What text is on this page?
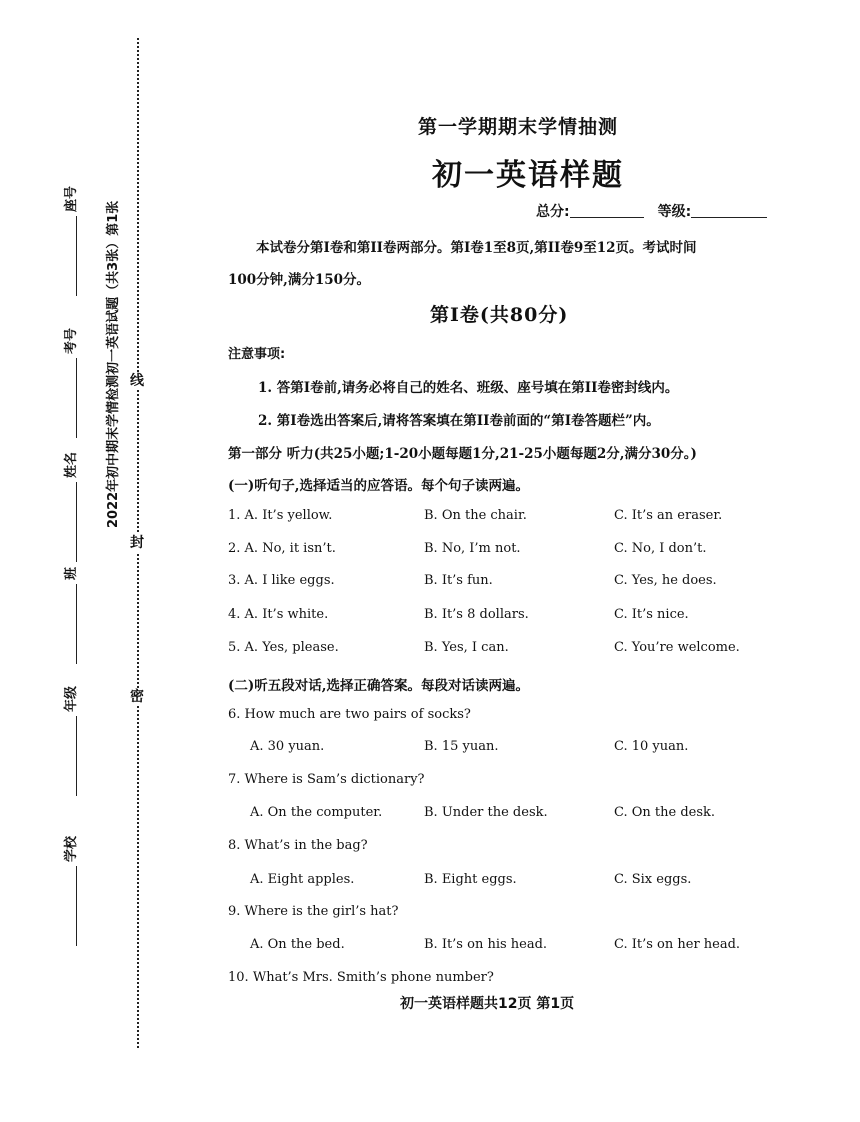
线
封
密
2022年初中期末学情检测初一英语试题（共3张）第1张
座号
考号
姓名
班
年级
学校
第一学期期末学情抽测
初一英语样题
总分:	等级:
本试卷分第I卷和第II卷两部分。第I卷1至8页,第II卷9至12页。考试时间
100分钟,满分150分。
第I卷(共80分)
注意事项:
1. 答第I卷前,请务必将自己的姓名、班级、座号填在第II卷密封线内。
2. 第I卷选出答案后,请将答案填在第II卷前面的“第I卷答题栏”内。
第一部分 听力(共25小题;1-20小题每题1分,21-25小题每题2分,满分30分。)
(一)听句子,选择适当的应答语。每个句子读两遍。
1. A. It’s yellow.	B. On the chair.	C. It’s an eraser.
2. A. No, it isn’t.	B. No, I’m not.	C. No, I don’t.
3. A. I like eggs.	B. It’s fun.	C. Yes, he does.
4. A. It’s white.	B. It’s 8 dollars.	C. It’s nice.
5. A. Yes, please.	B. Yes, I can.	C. You’re welcome.
(二)听五段对话,选择正确答案。每段对话读两遍。
6. How much are two pairs of socks?
A. 30 yuan.	B. 15 yuan.	C. 10 yuan.
7. Where is Sam’s dictionary?
A. On the computer.	B. Under the desk.	C. On the desk.
8. What’s in the bag?
A. Eight apples.	B. Eight eggs.	C. Six eggs.
9. Where is the girl’s hat?
A. On the bed.	B. It’s on his head.	C. It’s on her head.
10. What’s Mrs. Smith’s phone number?
初一英语样题共12页 第1页
